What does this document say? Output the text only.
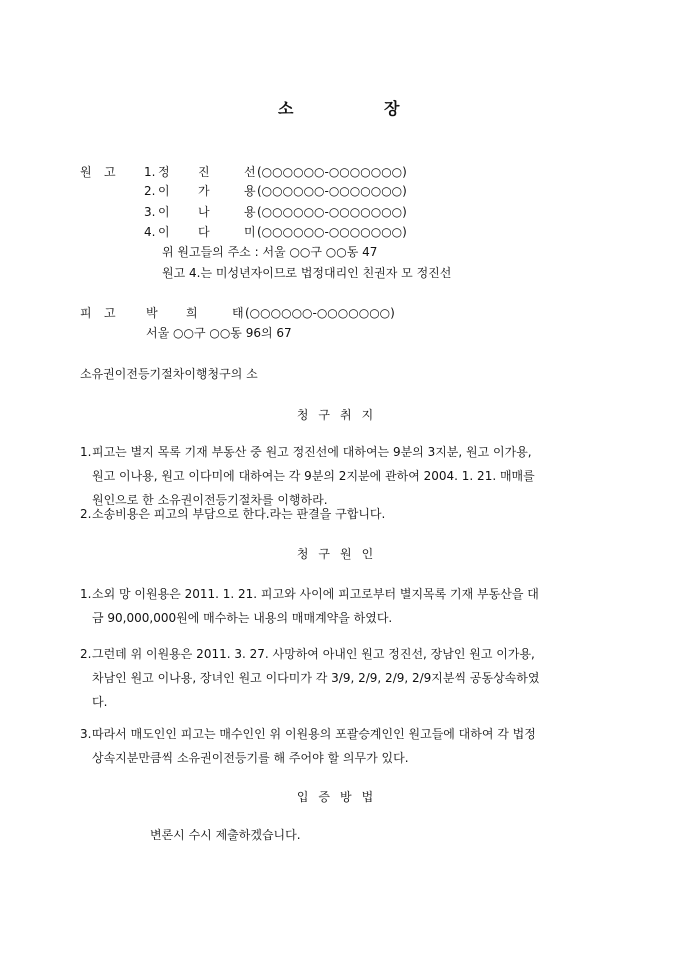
소	장
원 고 1. 정 진	선 (○○○○○○-○○○○○○○)
2. 이 가	용 (○○○○○○-○○○○○○○)
3. 이 나	용 (○○○○○○-○○○○○○○)
4. 이 다	미 (○○○○○○-○○○○○○○)
위 원고들의 주소 : 서울 ○○구 ○○동 47
원고 4.는 미성년자이므로 법정대리인 친권자 모 정진선
피 고	박 희	태 (○○○○○○-○○○○○○○)
서울 ○○구 ○○동 96의 67
소유권이전등기절차이행청구의 소
청구취지
1. 피고는 별지 목록 기재 부동산 중 원고 정진선에 대하여는 9분의 3지분, 원고 이가용,
원고 이나용, 원고 이다미에 대하여는 각 9분의 2지분에 관하여 2004. 1. 21. 매매를
원인으로 한 소유권이전등기절차를 이행하라.
2. 소송비용은 피고의 부담으로 한다.라는 판결을 구합니다.
청구원인
1. 소외 망 이원용은 2011. 1. 21. 피고와 사이에 피고로부터 별지목록 기재 부동산을 대
금 90,000,000원에 매수하는 내용의 매매계약을 하였다.
2. 그런데 위 이원용은 2011. 3. 27. 사망하여 아내인 원고 정진선, 장남인 원고 이가용,
차남인 원고 이나용, 장녀인 원고 이다미가 각 3/9, 2/9, 2/9, 2/9지분씩 공동상속하였
다.
3. 따라서 매도인인 피고는 매수인인 위 이원용의 포괄승계인인 원고들에 대하여 각 법정
상속지분만큼씩 소유권이전등기를 해 주어야 할 의무가 있다.
입증방법
변론시 수시 제출하겠습니다.
